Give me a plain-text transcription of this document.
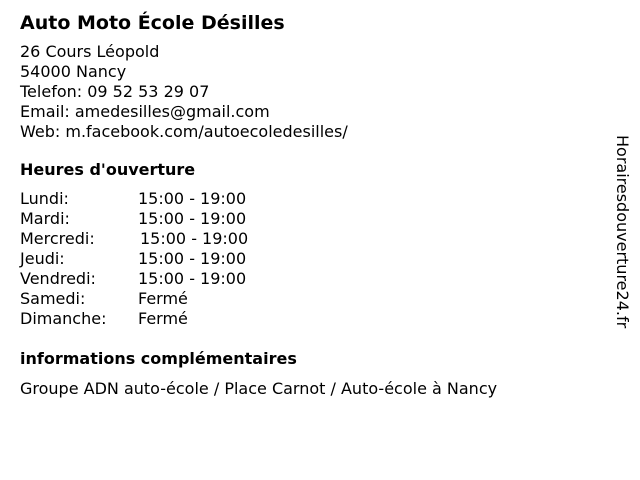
Auto Moto École Désilles
26 Cours Léopold
54000 Nancy
Telefon: 09 52 53 29 07
Email: amedesilles@gmail.com
Web: m.facebook.com/autoecoledesilles/
Heures d'ouverture
Lundi:	15:00 - 19:00
Mardi:	15:00 - 19:00
Mercredi:	15:00 - 19:00
Jeudi:	15:00 - 19:00
Vendredi:	15:00 - 19:00
Samedi:	Fermé
Dimanche:	Fermé
informations complémentaires
Groupe ADN auto-école / Place Carnot / Auto-école à Nancy
Horairesdouverture24.fr
